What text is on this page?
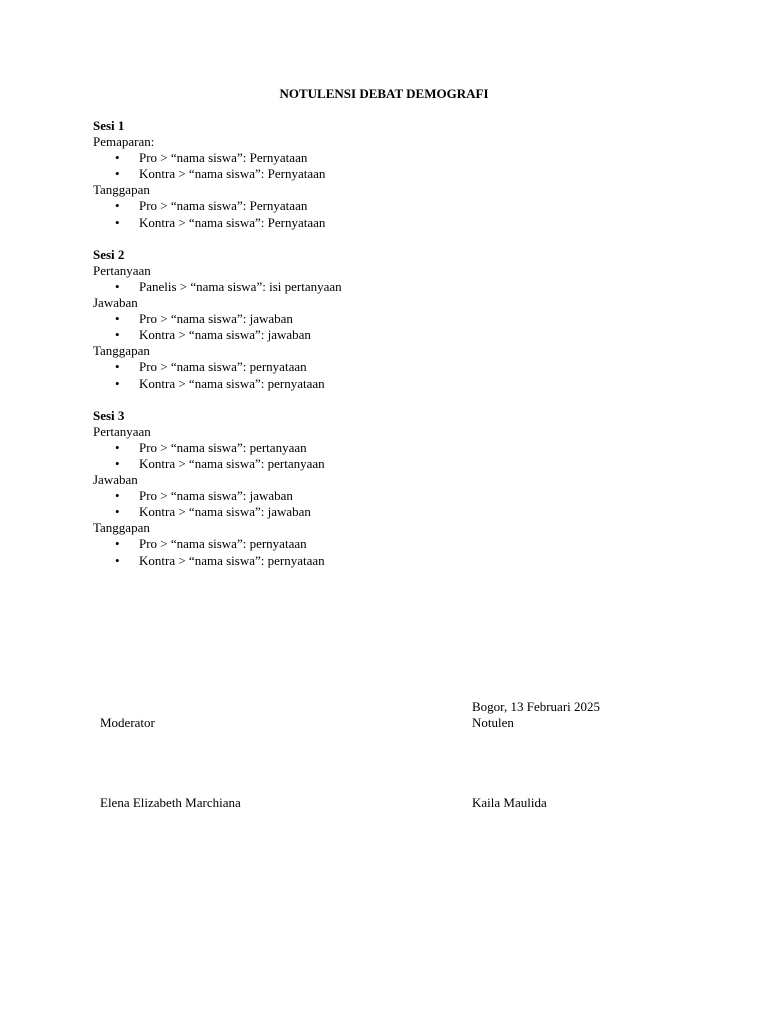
NOTULENSI DEBAT DEMOGRAFI
Sesi 1
Pemaparan:
• Pro > “nama siswa”: Pernyataan
• Kontra > “nama siswa”: Pernyataan
Tanggapan
• Pro > “nama siswa”: Pernyataan
• Kontra > “nama siswa”: Pernyataan
Sesi 2
Pertanyaan
• Panelis > “nama siswa”: isi pertanyaan
Jawaban
• Pro > “nama siswa”: jawaban
• Kontra > “nama siswa”: jawaban
Tanggapan
• Pro > “nama siswa”: pernyataan
• Kontra > “nama siswa”: pernyataan
Sesi 3
Pertanyaan
• Pro > “nama siswa”: pertanyaan
• Kontra > “nama siswa”: pertanyaan
Jawaban
• Pro > “nama siswa”: jawaban
• Kontra > “nama siswa”: jawaban
Tanggapan
• Pro > “nama siswa”: pernyataan
• Kontra > “nama siswa”: pernyataan
Bogor, 13 Februari 2025
Moderator	Notulen
Elena Elizabeth Marchiana	Kaila Maulida
